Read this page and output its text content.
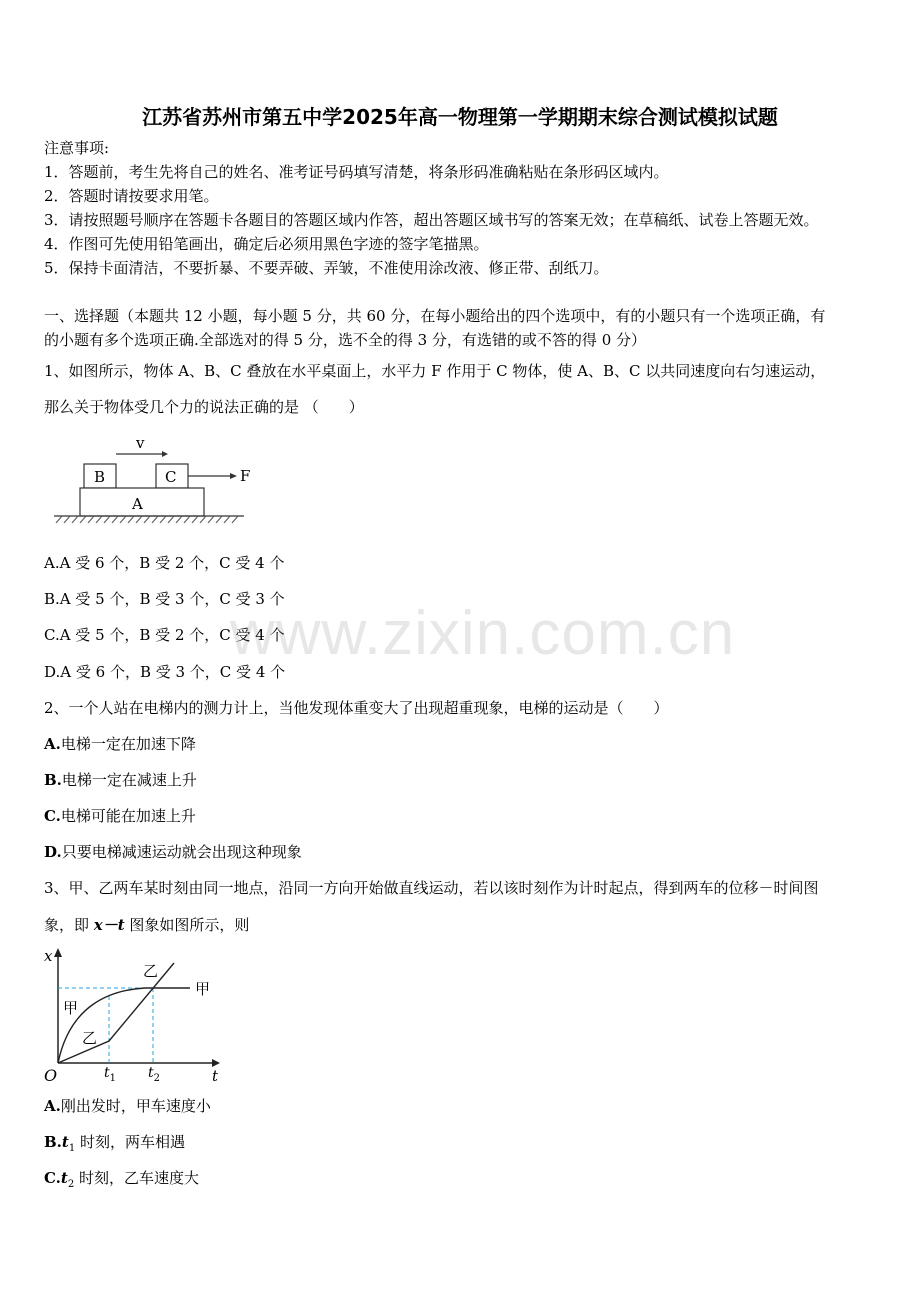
江苏省苏州市第五中学2025年高一物理第一学期期末综合测试模拟试题
注意事项:
1．答题前，考生先将自己的姓名、准考证号码填写清楚，将条形码准确粘贴在条形码区域内。
2．答题时请按要求用笔。
3．请按照题号顺序在答题卡各题目的答题区域内作答，超出答题区域书写的答案无效；在草稿纸、试卷上答题无效。
4．作图可先使用铅笔画出，确定后必须用黑色字迹的签字笔描黑。
5．保持卡面清洁，不要折暴、不要弄破、弄皱，不准使用涂改液、修正带、刮纸刀。
一、选择题（本题共 12 小题，每小题 5 分，共 60 分，在每小题给出的四个选项中，有的小题只有一个选项正确，有
的小题有多个选项正确.全部选对的得 5 分，选不全的得 3 分，有选错的或不答的得 0 分）
1、如图所示，物体 A、B、C 叠放在水平桌面上，水平力 F 作用于 C 物体，使 A、B、C 以共同速度向右匀速运动，
那么关于物体受几个力的说法正确的是 （　　）
v
B	C	F
A
A.A 受 6 个，B 受 2 个，C 受 4 个
B.A 受 5 个，B 受 3 个，C 受 3 个
C.A 受 5 个，B 受 2 个，C 受 4 个
D.A 受 6 个，B 受 3 个，C 受 4 个
www.zixin.com.cn
2、一个人站在电梯内的测力计上，当他发现体重变大了出现超重现象，电梯的运动是（　　）
A.电梯一定在加速下降
B.电梯一定在减速上升
C.电梯可能在加速上升
D.只要电梯减速运动就会出现这种现象
3、甲、乙两车某时刻由同一地点，沿同一方向开始做直线运动，若以该时刻作为计时起点，得到两车的位移－时间图
象，即 x－t 图象如图所示，则
x
t
O	$t_1$ $t_2$
甲
甲
乙
乙
A.刚出发时，甲车速度小
$B.t_1$ 时刻，两车相遇
$C.t_2$ 时刻，乙车速度大
